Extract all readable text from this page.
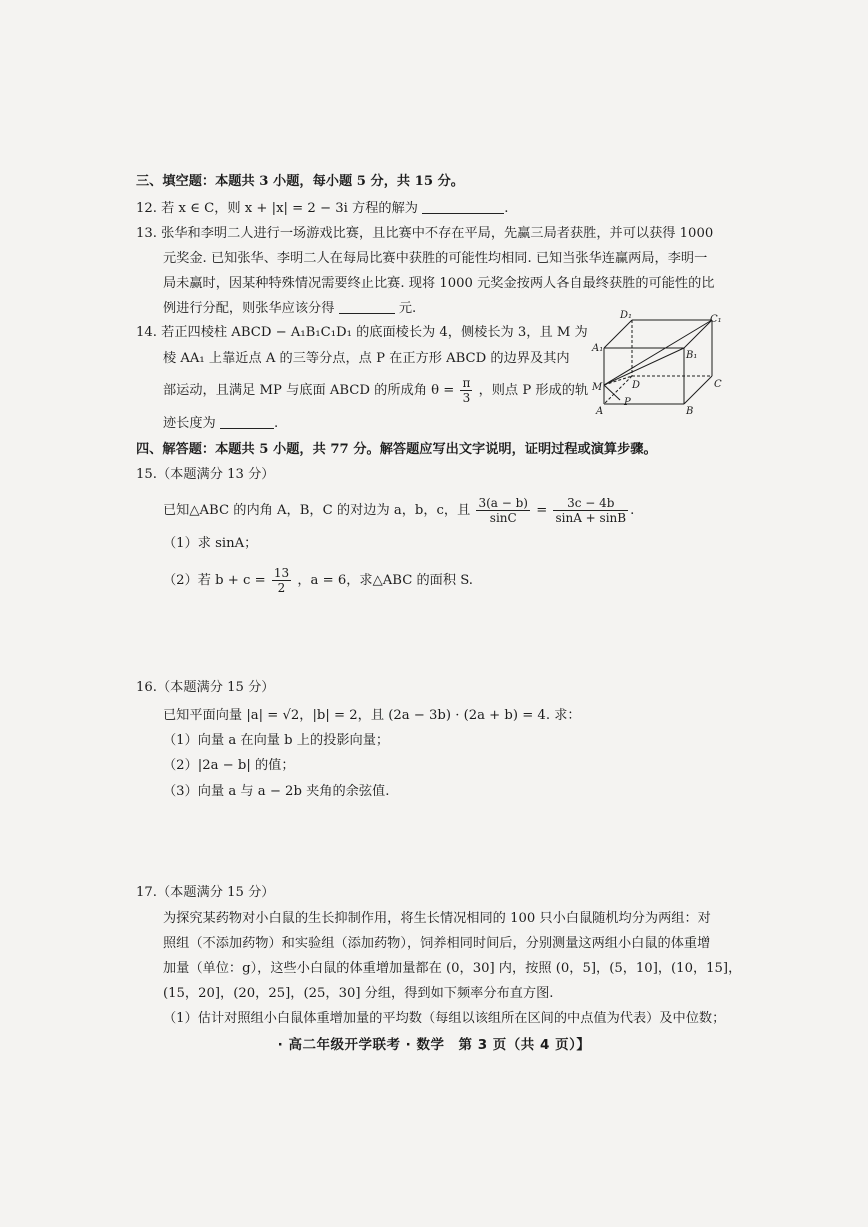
三、填空题：本题共 3 小题，每小题 5 分，共 15 分。
12. 若 x ∈ C，则 x + |x| = 2 − 3i 方程的解为	.
13. 张华和李明二人进行一场游戏比赛，且比赛中不存在平局，先赢三局者获胜，并可以获得 1000
元奖金. 已知张华、李明二人在每局比赛中获胜的可能性均相同. 已知当张华连赢两局，李明一
局未赢时，因某种特殊情况需要终止比赛. 现将 1000 元奖金按两人各自最终获胜的可能性的比
例进行分配，则张华应该分得	元.
14. 若正四棱柱 ABCD − A₁B₁C₁D₁ 的底面棱长为 4，侧棱长为 3，且 M 为
棱 AA₁ 上靠近点 A 的三等分点，点 P 在正方形 ABCD 的边界及其内
部运动，且满足 MP 与底面 ABCD 的所成角 $\theta = \frac{\pi}{3}$ ，则点 P 形成的轨
迹长度为	.
D₁	C₁
A₁
B₁
M	D	C
A
P
B
四、解答题：本题共 5 小题，共 77 分。解答题应写出文字说明，证明过程或演算步骤。
15.（本题满分 13 分）
已知△ABC 的内角 A，B，C 的对边为 a，b，c，且 $\frac{3(a - b)}{\sin C} = \frac{3c - 4b}{\sin A + \sin B}$ .
（1）求 sinA；
（2）若 $b + c = \frac{13}{2}$ ，a = 6，求△ABC 的面积 S.
16.（本题满分 15 分）
已知平面向量 |a| = √2，|b| = 2，且 (2a − 3b) · (2a + b) = 4. 求：
（1）向量 a 在向量 b 上的投影向量；
（2）|2a − b| 的值；
（3）向量 a 与 a − 2b 夹角的余弦值.
17.（本题满分 15 分）
为探究某药物对小白鼠的生长抑制作用，将生长情况相同的 100 只小白鼠随机均分为两组：对
照组（不添加药物）和实验组（添加药物），饲养相同时间后，分别测量这两组小白鼠的体重增
加量（单位：g），这些小白鼠的体重增加量都在 (0，30] 内，按照 (0，5]，(5，10]，(10，15]，
(15，20]，(20，25]，(25，30] 分组，得到如下频率分布直方图.
（1）估计对照组小白鼠体重增加量的平均数（每组以该组所在区间的中点值为代表）及中位数；
· 高二年级开学联考 · 数学　第 3 页（共 4 页）】
